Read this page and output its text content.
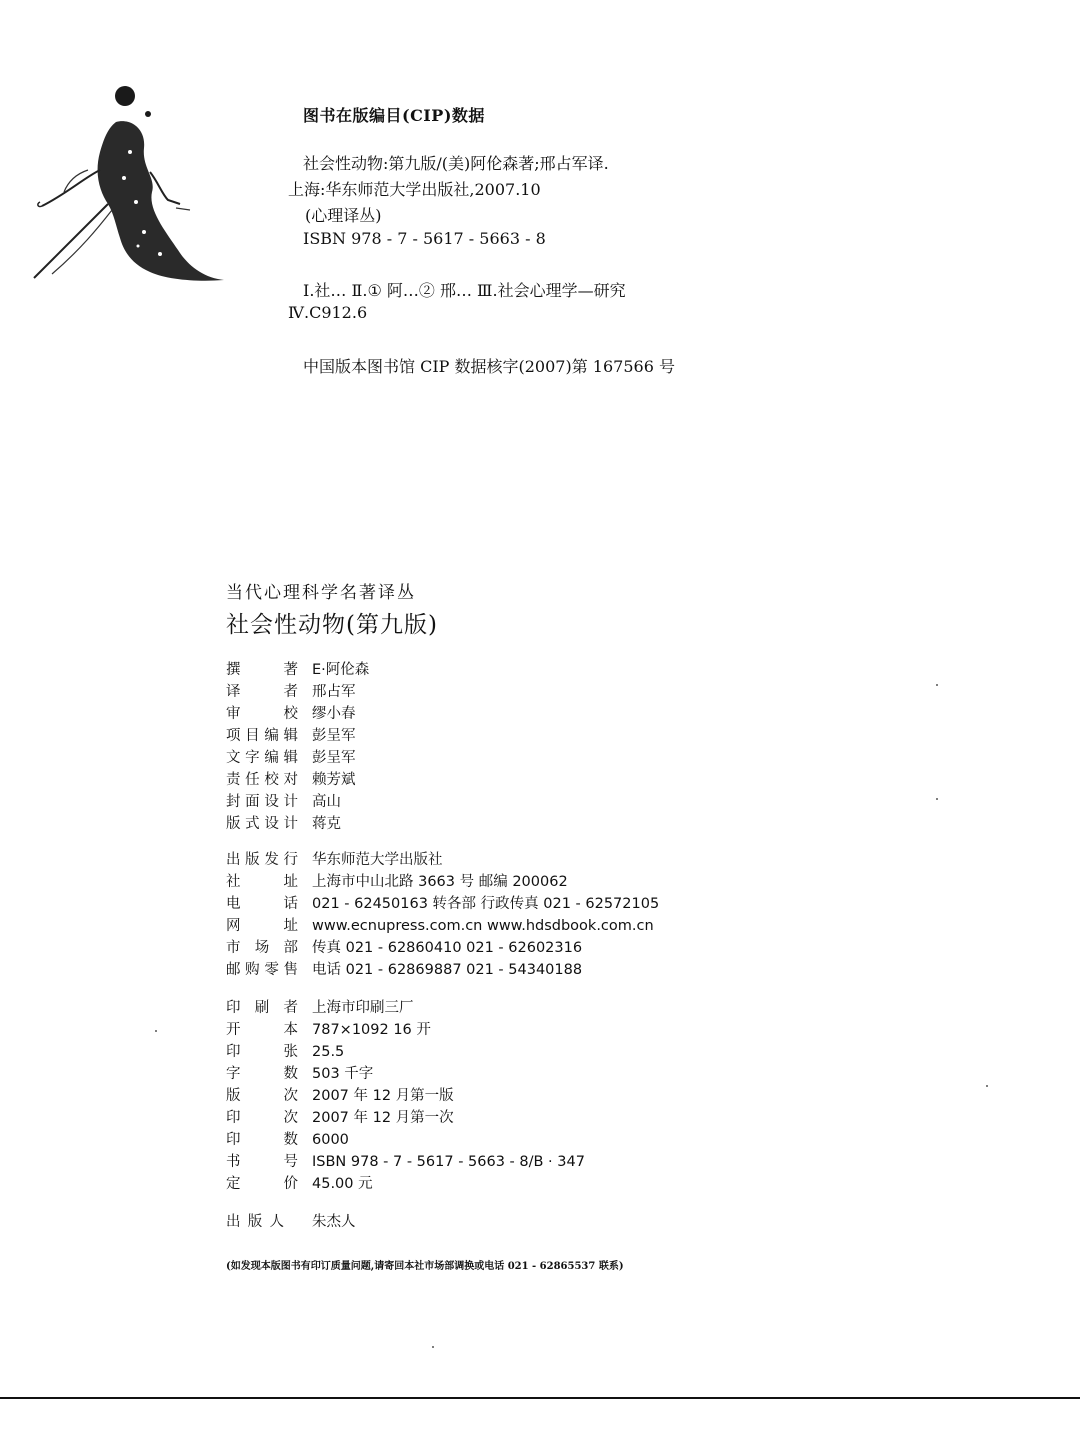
图书在版编目(CIP)数据
社会性动物:第九版/(美)阿伦森著;邢占军译.
上海:华东师范大学出版社,2007.10
(心理译丛)
ISBN 978 - 7 - 5617 - 5663 - 8
Ⅰ.社… Ⅱ.① 阿…② 邢… Ⅲ.社会心理学—研究
Ⅳ.C912.6
中国版本图书馆 CIP 数据核字(2007)第 167566 号
当代心理科学名著译丛
社会性动物(第九版)
撰	著 E·阿伦森
译	者 邢占军
审	校 缪小春
项 目 编 辑 彭呈军
文 字 编 辑 彭呈军
责 任 校 对 赖芳斌
封 面 设 计 高山
版 式 设 计 蒋克
出 版 发 行 华东师范大学出版社
社	址 上海市中山北路 3663 号 邮编 200062
电	话 021 - 62450163 转各部 行政传真 021 - 62572105
网	址 www.ecnupress.com.cn www.hdsdbook.com.cn
市 场 部 传真 021 - 62860410 021 - 62602316
邮 购 零 售 电话 021 - 62869887 021 - 54340188
印 刷 者 上海市印刷三厂
开	本 787×1092 16 开
印	张 25.5
字	数 503 千字
版	次 2007 年 12 月第一版
印	次 2007 年 12 月第一次
印	数 6000
书	号 ISBN 978 - 7 - 5617 - 5663 - 8/B · 347
定	价 45.00 元
出 版 人 朱杰人
(如发现本版图书有印订质量问题,请寄回本社市场部调换或电话 021 - 62865537 联系)
